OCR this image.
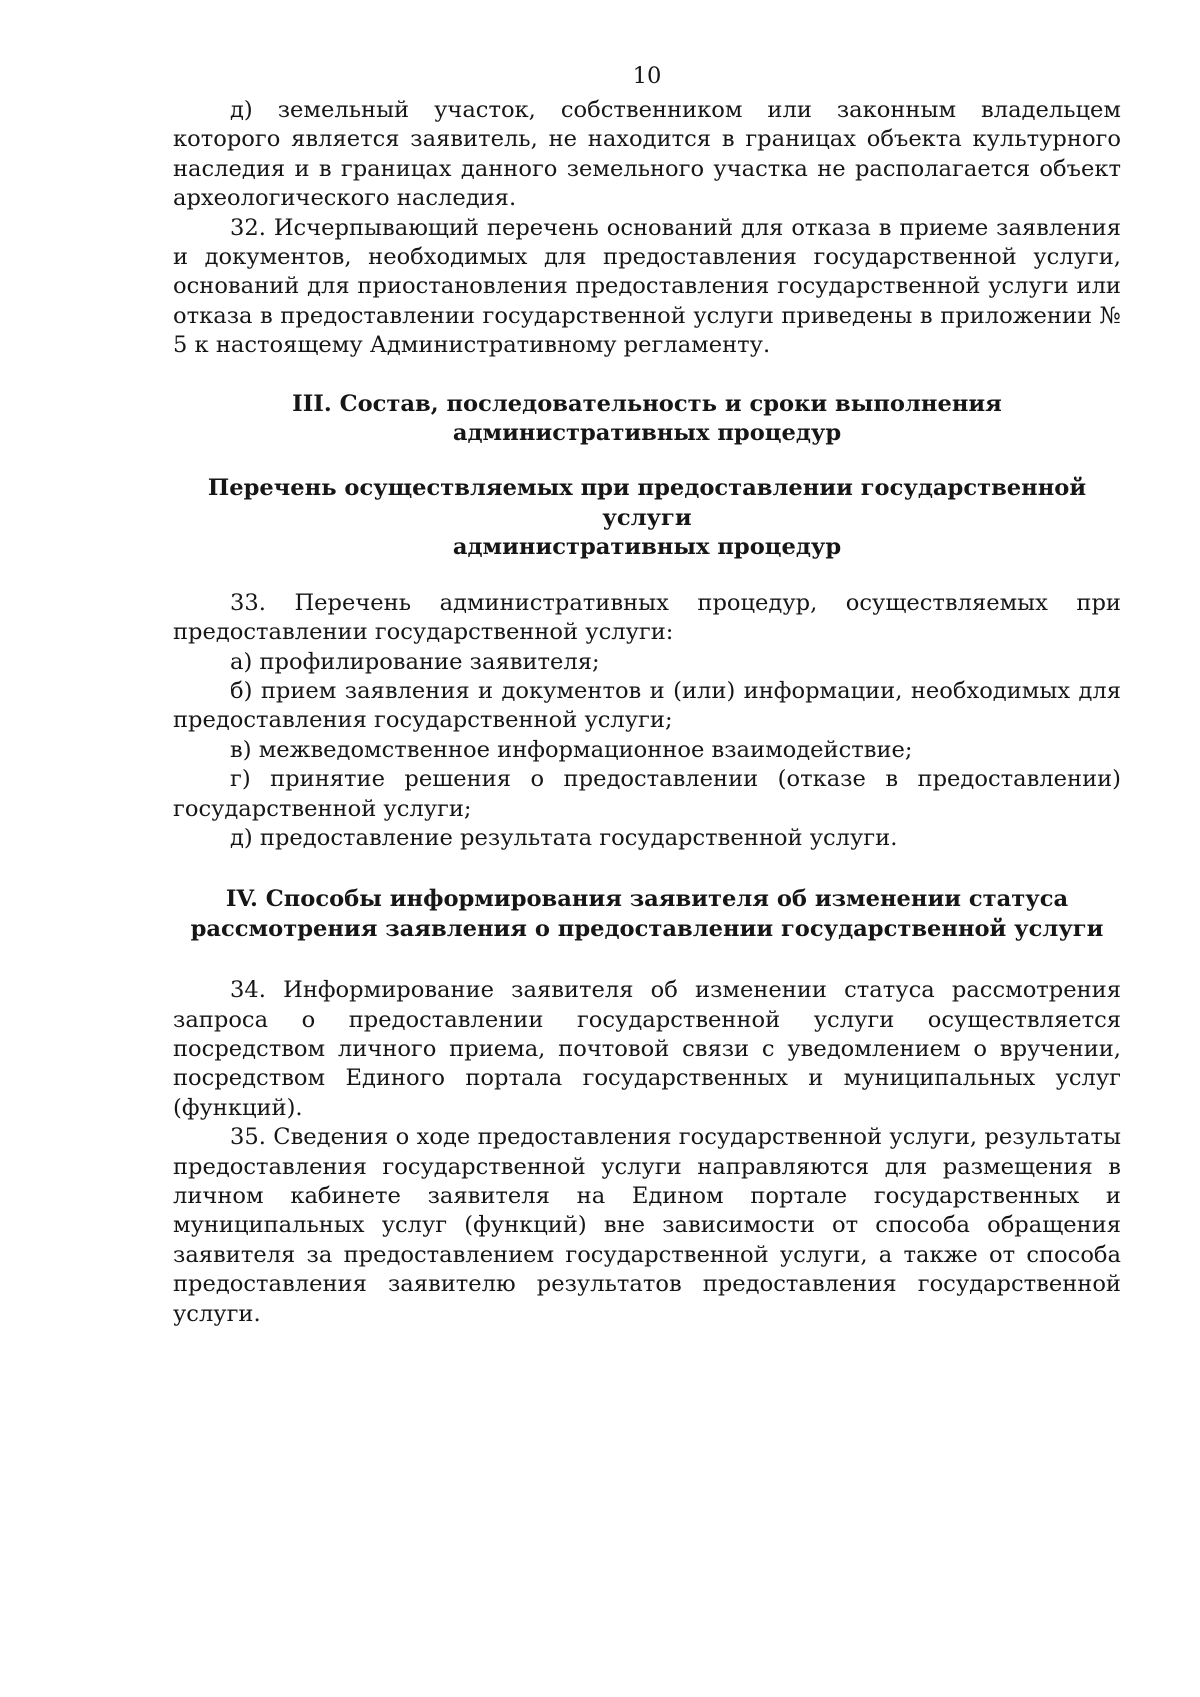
10

д) земельный участок, собственником или законным владельцем которого является заявитель, не находится в границах объекта культурного наследия и в границах данного земельного участка не располагается объект археологического наследия.

32. Исчерпывающий перечень оснований для отказа в приеме заявления и документов, необходимых для предоставления государственной услуги, оснований для приостановления предоставления государственной услуги или отказа в предоставлении государственной услуги приведены в приложении № 5 к настоящему Административному регламенту.

III. Состав, последовательность и сроки выполнения
административных процедур
Перечень осуществляемых при предоставлении государственной услуги
административных процедур

33. Перечень административных процедур, осуществляемых при предоставлении государственной услуги:

а) профилирование заявителя;

б) прием заявления и документов и (или) информации, необходимых для предоставления государственной услуги;

в) межведомственное информационное взаимодействие;

г) принятие решения о предоставлении (отказе в предоставлении) государственной услуги;

д) предоставление результата государственной услуги.

IV. Способы информирования заявителя об изменении статуса
рассмотрения заявления о предоставлении государственной услуги

34. Информирование заявителя об изменении статуса рассмотрения запроса о предоставлении государственной услуги осуществляется посредством личного приема, почтовой связи с уведомлением о вручении, посредством Единого портала государственных и муниципальных услуг (функций).

35. Сведения о ходе предоставления государственной услуги, результаты предоставления государственной услуги направляются для размещения в личном кабинете заявителя на Едином портале государственных и муниципальных услуг (функций) вне зависимости от способа обращения заявителя за предоставлением государственной услуги, а также от способа предоставления заявителю результатов предоставления государственной услуги.
